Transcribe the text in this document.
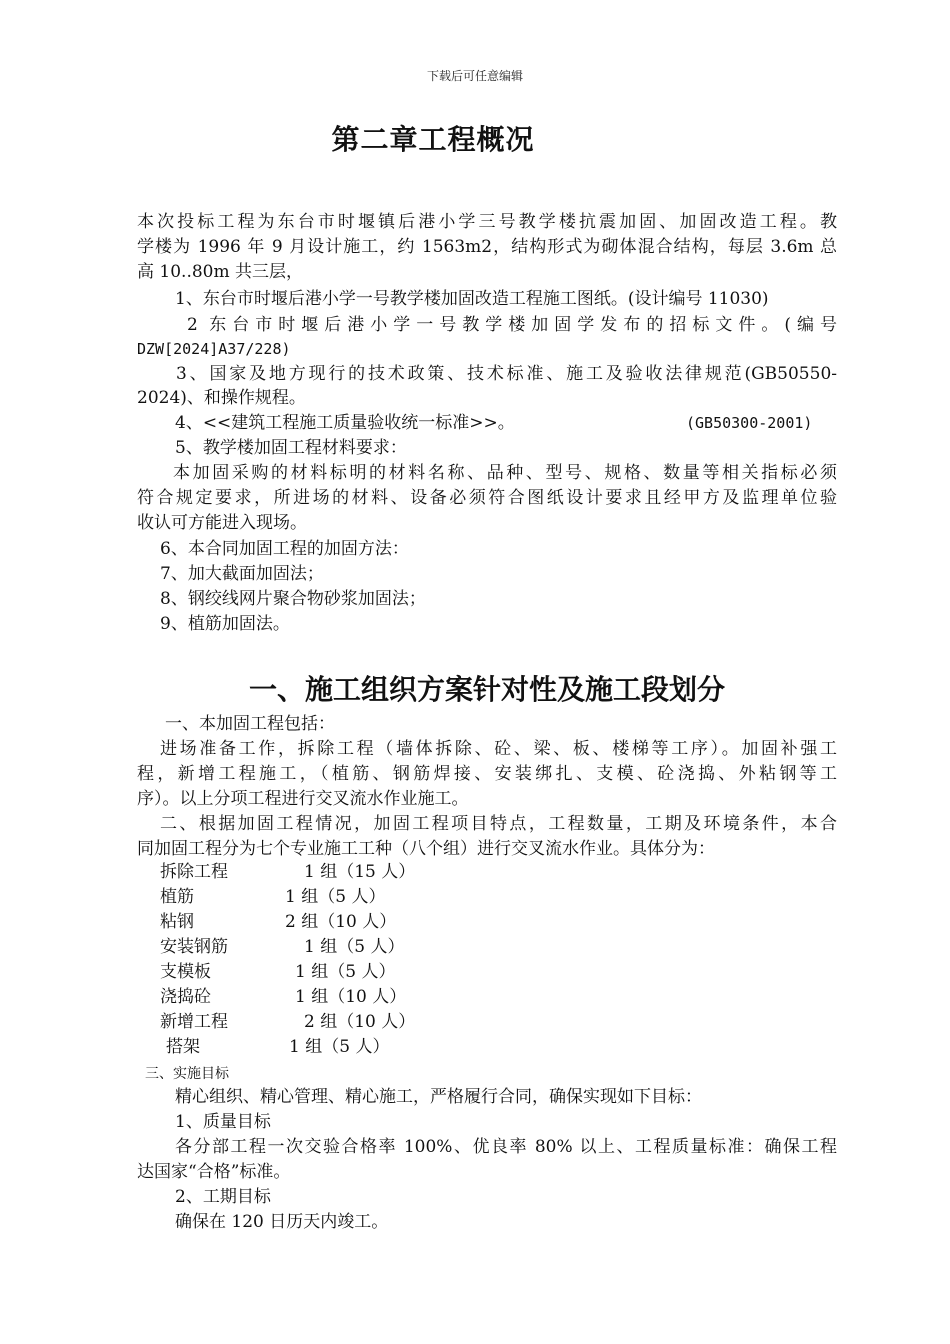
下载后可任意编辑
第二章工程概况
本次投标工程为东台市时堰镇后港小学三号教学楼抗震加固、加固改造工程。教
学楼为 1996 年 9 月设计施工，约 1563m2，结构形式为砌体混合结构，每层 3.6m 总
高 10..80m 共三层，
1、东台市时堰后港小学一号教学楼加固改造工程施工图纸。(设计编号 11030)
2 东台市时堰后港小学一号教学楼加固学发布的招标文件。(编号
DZW[2024]A37/228)
3、国家及地方现行的技术政策、技术标准、施工及验收法律规范(GB50550-
2024)、和操作规程。
4、<<建筑工程施工质量验收统一标准>>。	(GB50300-2001)
5、教学楼加固工程材料要求：
本加固采购的材料标明的材料名称、品种、型号、规格、数量等相关指标必须
符合规定要求，所进场的材料、设备必须符合图纸设计要求且经甲方及监理单位验
收认可方能进入现场。
6、本合同加固工程的加固方法：
7、加大截面加固法；
8、钢绞线网片聚合物砂浆加固法；
9、植筋加固法。
一、施工组织方案针对性及施工段划分
一、本加固工程包括：
进场准备工作，拆除工程（墙体拆除、砼、梁、板、楼梯等工序）。加固补强工
程，新增工程施工，（植筋、钢筋焊接、安装绑扎、支模、砼浇捣、外粘钢等工
序）。以上分项工程进行交叉流水作业施工。
二、根据加固工程情况，加固工程项目特点，工程数量，工期及环境条件，本合
同加固工程分为七个专业施工工种（八个组）进行交叉流水作业。具体分为：
拆除工程	1 组（15 人）
植筋	1 组（5 人）
粘钢	2 组（10 人）
安装钢筋	1 组（5 人）
支模板	1 组（5 人）
浇捣砼	1 组（10 人）
新增工程	2 组（10 人）
搭架	1 组（5 人）
三、实施目标
精心组织、精心管理、精心施工，严格履行合同，确保实现如下目标：
1、质量目标
各分部工程一次交验合格率 100%、优良率 80% 以上、工程质量标准：确保工程
达国家“合格”标准。
2、工期目标
确保在 120 日历天内竣工。
